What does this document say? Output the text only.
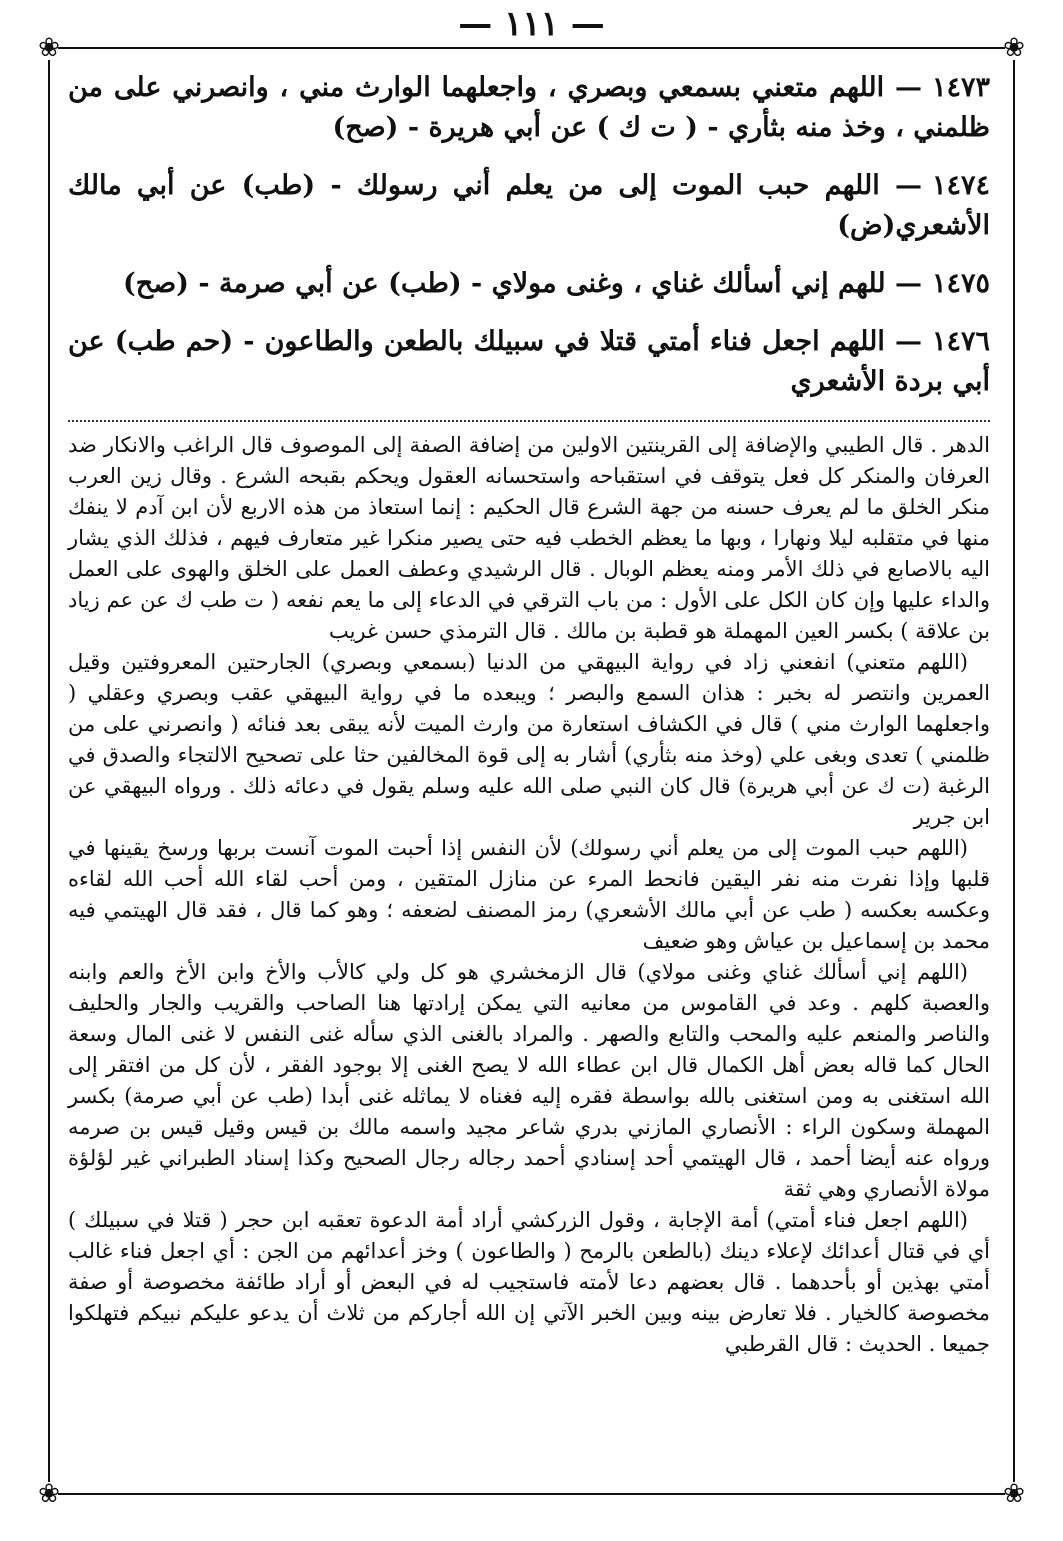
— ١١١ —
❀	❀
❀	❀
١٤٧٣— اللهم متعني بسمعي وبصري ، واجعلهما الوارث مني ، وانصرني على من ظلمني ، وخذ منه بثأري - ( ت ك ) عن أبي هريرة - (صح)
١٤٧٤— اللهم حبب الموت إلى من يعلم أني رسولك - (طب) عن أبي مالك الأشعري(ض)
١٤٧٥— للهم إني أسألك غناي ، وغنى مولاي - (طب) عن أبي صرمة - (صح)
١٤٧٦— اللهم اجعل فناء أمتي قتلا في سبيلك بالطعن والطاعون - (حم طب) عن أبي بردة الأشعري

الدهر . قال الطيبي والإضافة إلى القرينتين الاولين من إضافة الصفة إلى الموصوف قال الراغب والانكار ضد العرفان والمنكر كل فعل يتوقف في استقباحه واستحسانه العقول ويحكم بقبحه الشرع . وقال زين العرب منكر الخلق ما لم يعرف حسنه من جهة الشرع قال الحكيم : إنما استعاذ من هذه الاربع لأن ابن آدم لا ينفك منها في متقلبه ليلا ونهارا ، وبها ما يعظم الخطب فيه حتى يصير منكرا غير متعارف فيهم ، فذلك الذي يشار اليه بالاصابع في ذلك الأمر ومنه يعظم الوبال . قال الرشيدي وعطف العمل على الخلق والهوى على العمل والداء عليها وإن كان الكل على الأول : من باب الترقي في الدعاء إلى ما يعم نفعه ( ت طب ك عن عم زياد بن علاقة ) بكسر العين المهملة هو قطبة بن مالك . قال الترمذي حسن غريب

(اللهم متعني) انفعني زاد في رواية البيهقي من الدنيا (بسمعي وبصري) الجارحتين المعروفتين وقيل العمرين وانتصر له بخبر : هذان السمع والبصر ؛ ويبعده ما في رواية البيهقي عقب وبصري وعقلي ( واجعلهما الوارث مني ) قال في الكشاف استعارة من وارث الميت لأنه يبقى بعد فنائه ( وانصرني على من ظلمني ) تعدى وبغى علي (وخذ منه بثأري) أشار به إلى قوة المخالفين حثا على تصحيح الالتجاء والصدق في الرغبة (ت ك عن أبي هريرة) قال كان النبي صلى الله عليه وسلم يقول في دعائه ذلك . ورواه البيهقي عن ابن جرير

(اللهم حبب الموت إلى من يعلم أني رسولك) لأن النفس إذا أحبت الموت آنست بربها ورسخ يقينها في قلبها وإذا نفرت منه نفر اليقين فانحط المرء عن منازل المتقين ، ومن أحب لقاء الله أحب الله لقاءه وعكسه بعكسه ( طب عن أبي مالك الأشعري) رمز المصنف لضعفه ؛ وهو كما قال ، فقد قال الهيتمي فيه محمد بن إسماعيل بن عياش وهو ضعيف

(اللهم إني أسألك غناي وغنى مولاي) قال الزمخشري هو كل ولي كالأب والأخ وابن الأخ والعم وابنه والعصبة كلهم . وعد في القاموس من معانيه التي يمكن إرادتها هنا الصاحب والقريب والجار والحليف والناصر والمنعم عليه والمحب والتابع والصهر . والمراد بالغنى الذي سأله غنى النفس لا غنى المال وسعة الحال كما قاله بعض أهل الكمال قال ابن عطاء الله لا يصح الغنى إلا بوجود الفقر ، لأن كل من افتقر إلى الله استغنى به ومن استغنى بالله بواسطة فقره إليه فغناه لا يماثله غنى أبدا (طب عن أبي صرمة) بكسر المهملة وسكون الراء : الأنصاري المازني بدري شاعر مجيد واسمه مالك بن قيس وقيل قيس بن صرمه ورواه عنه أيضا أحمد ، قال الهيتمي أحد إسنادي أحمد رجاله رجال الصحيح وكذا إسناد الطبراني غير لؤلؤة مولاة الأنصاري وهي ثقة

(اللهم اجعل فناء أمتي) أمة الإجابة ، وقول الزركشي أراد أمة الدعوة تعقبه ابن حجر ( قتلا في سبيلك ) أي في قتال أعدائك لإعلاء دينك (بالطعن بالرمح ( والطاعون ) وخز أعدائهم من الجن : أي اجعل فناء غالب أمتي بهذين أو بأحدهما . قال بعضهم دعا لأمته فاستجيب له في البعض أو أراد طائفة مخصوصة أو صفة مخصوصة كالخيار . فلا تعارض بينه وبين الخبر الآتي إن الله أجاركم من ثلاث أن يدعو عليكم نبيكم فتهلكوا جميعا . الحديث : قال القرطبي
